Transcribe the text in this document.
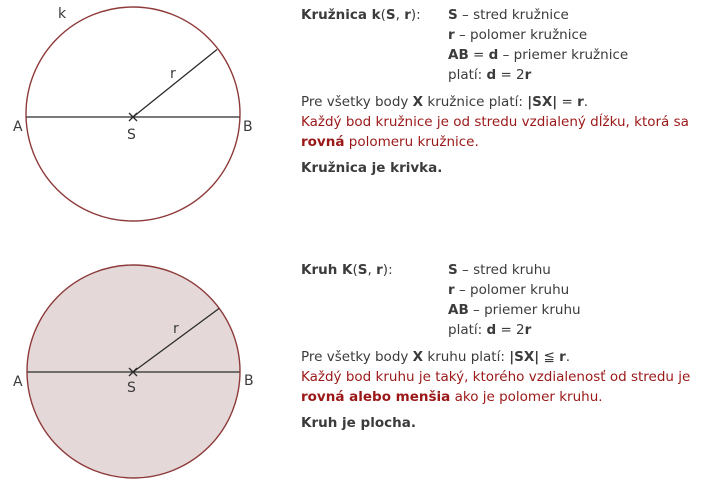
k
r
A	B
S
r
A	B
S
Kružnica k(S, r):	S – stred kružnice
r – polomer kružnice
AB = d – priemer kružnice
platí: d = 2r
Pre všetky body X kružnice platí: |SX| = r.
Každý bod kružnice je od stredu vzdialený dĺžku, ktorá sa
rovná polomeru kružnice.
Kružnica je krivka.
Kruh K(S, r):	S – stred kruhu
r – polomer kruhu
AB – priemer kruhu
platí: d = 2r
Pre všetky body X kruhu platí: |SX| ≦ r.
Každý bod kruhu je taký, ktorého vzdialenosť od stredu je
rovná alebo menšia ako je polomer kruhu.
Kruh je plocha.
